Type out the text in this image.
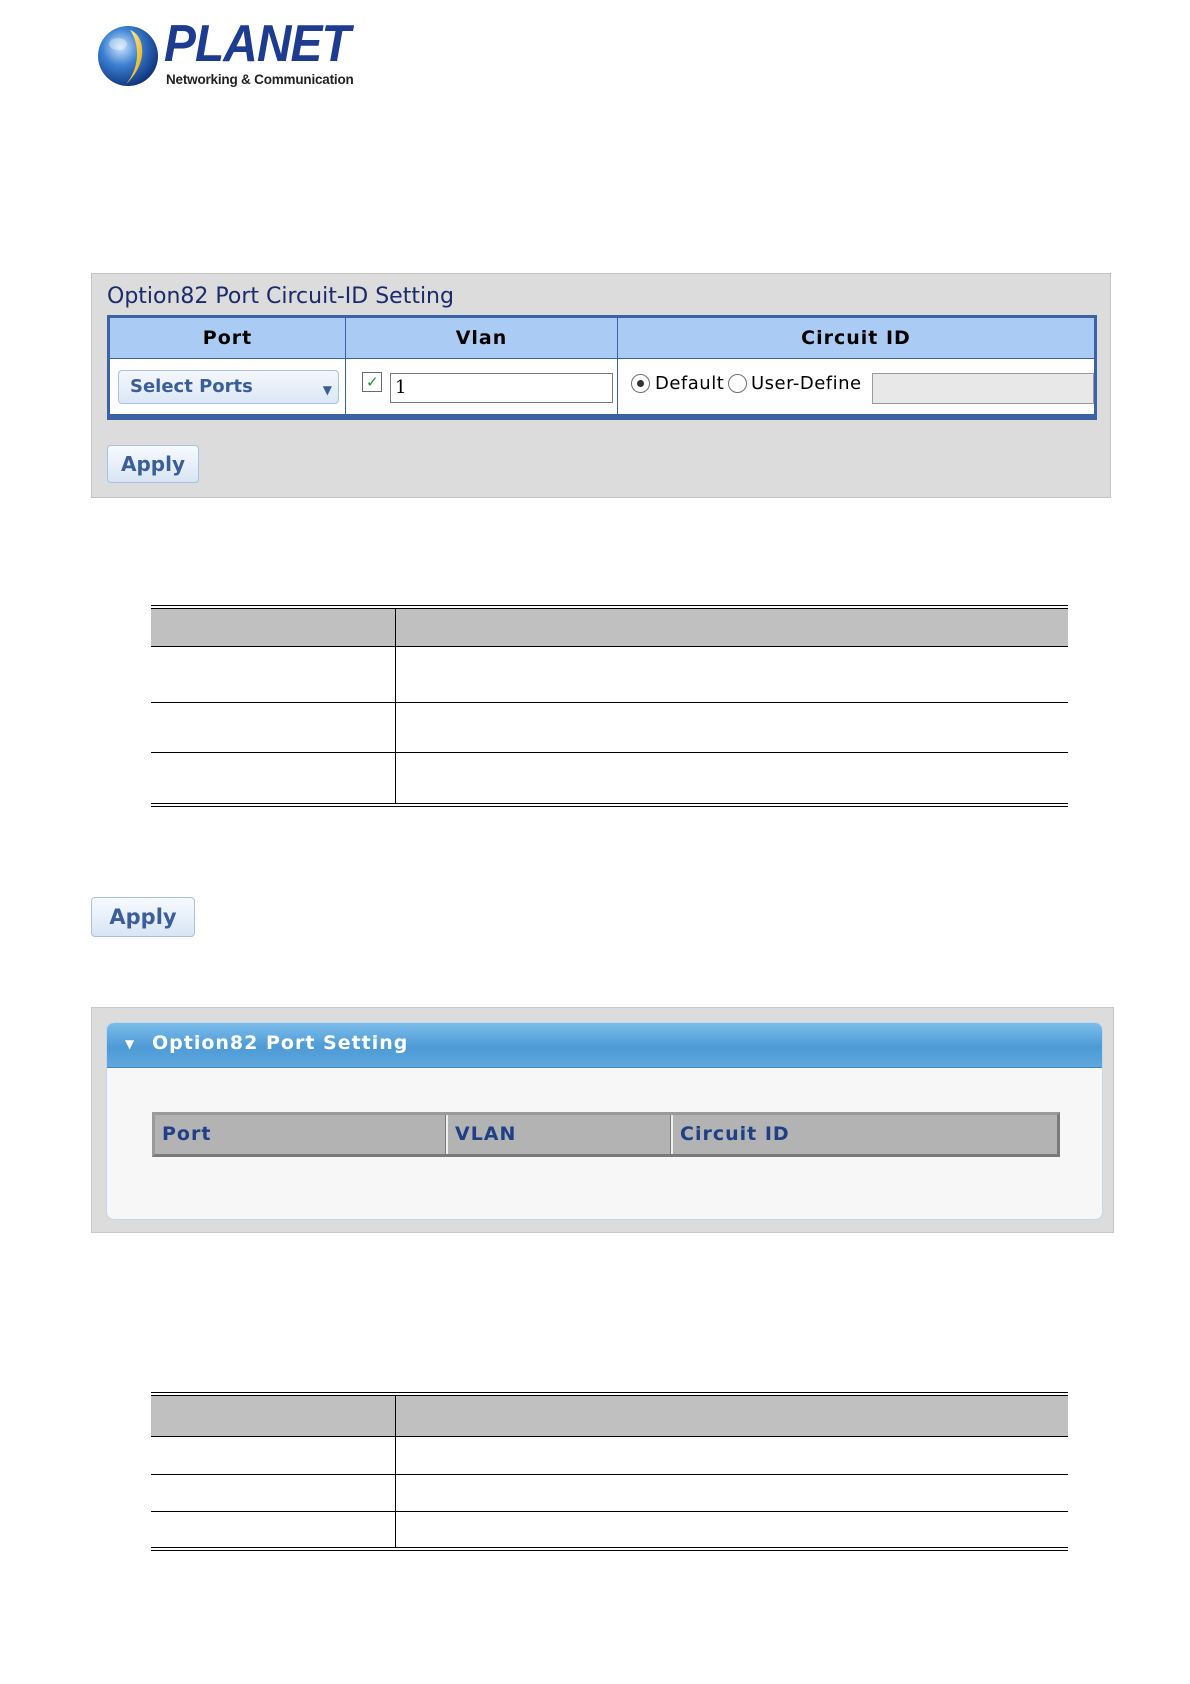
PLANET
Networking & Communication
Option82 Port Circuit-ID Setting
Port	Vlan	Circuit ID
Select Ports	▼ ✓ 1	Default User-Define
Apply
Apply
▼ Option82 Port Setting
Port	VLAN	Circuit ID
